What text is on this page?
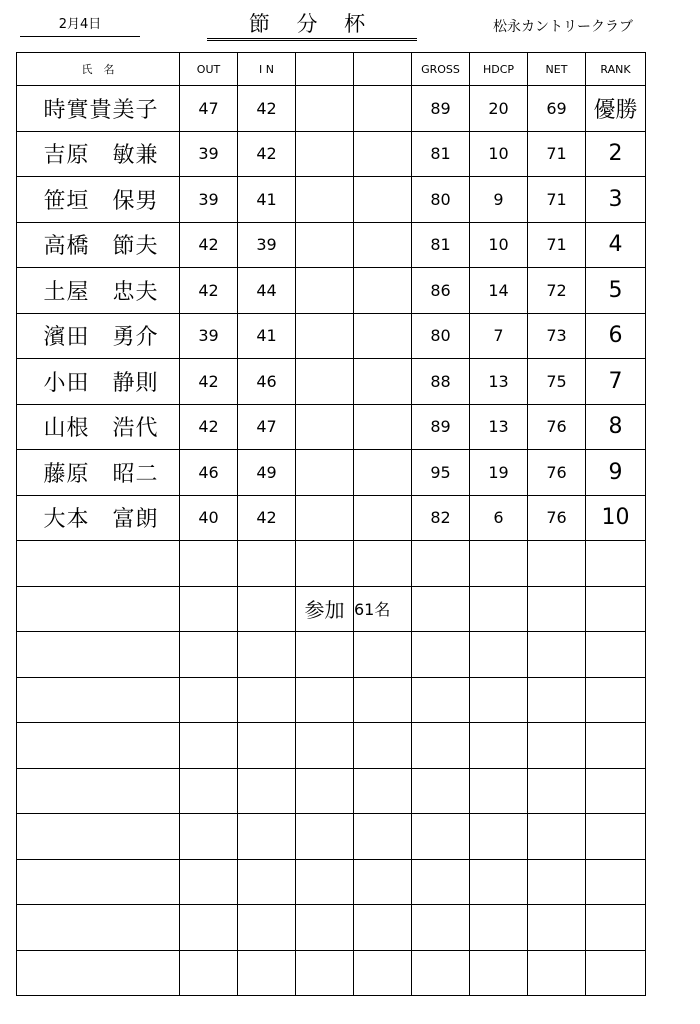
2月4日	節 分 杯	松永カントリークラブ
氏　名	OUT	I N			GROSS	HDCP	NET	RANK
時實貴美子	47	42			89	20	69	優勝
吉原　敏兼	39	42			81	10	71	2
笹垣　保男	39	41			80	9	71	3
高橋　節夫	42	39			81	10	71	4
土屋　忠夫	42	44			86	14	72	5
濱田　勇介	39	41			80	7	73	6
小田　静則	42	46			88	13	75	7
山根　浩代	42	47			89	13	76	8
藤原　昭二	46	49			95	19	76	9
大本　富朗	40	42			82	6	76	10

			参加	61名				
